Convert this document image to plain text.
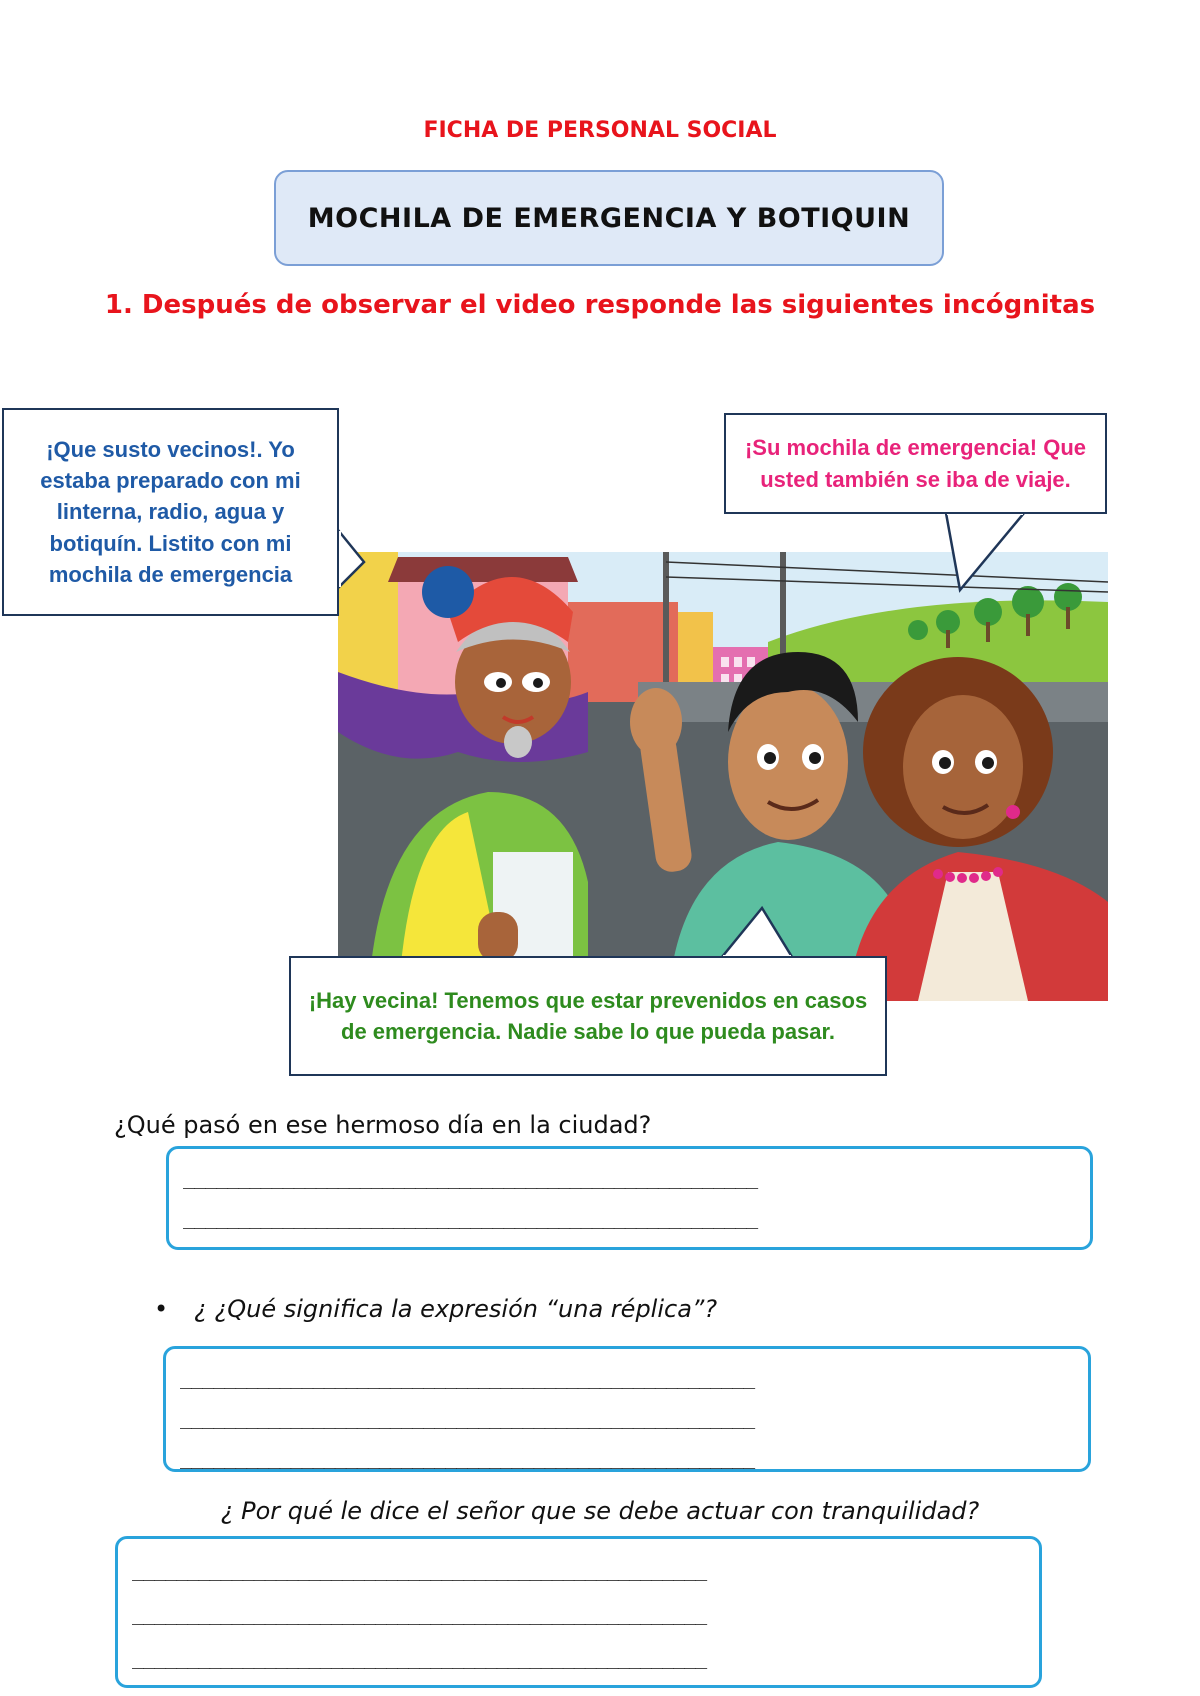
FICHA DE PERSONAL SOCIAL
MOCHILA DE EMERGENCIA Y BOTIQUIN
1. Después de observar el video responde las siguientes incógnitas
¡Que susto vecinos!. Yo estaba preparado con mi linterna, radio, agua y botiquín. Listito con mi mochila de emergencia
¡Su mochila de emergencia! Que usted también se iba de viaje.
¡Hay vecina! Tenemos que estar prevenidos en casos de emergencia. Nadie sabe lo que pueda pasar.
¿Qué pasó en ese hermoso día en la ciudad?
____________________________________________________
____________________________________________________
• ¿ ¿Qué significa la expresión “una réplica”?
____________________________________________________
____________________________________________________
____________________________________________________
¿ Por qué le dice el señor que se debe actuar con tranquilidad?
____________________________________________________
____________________________________________________
____________________________________________________
